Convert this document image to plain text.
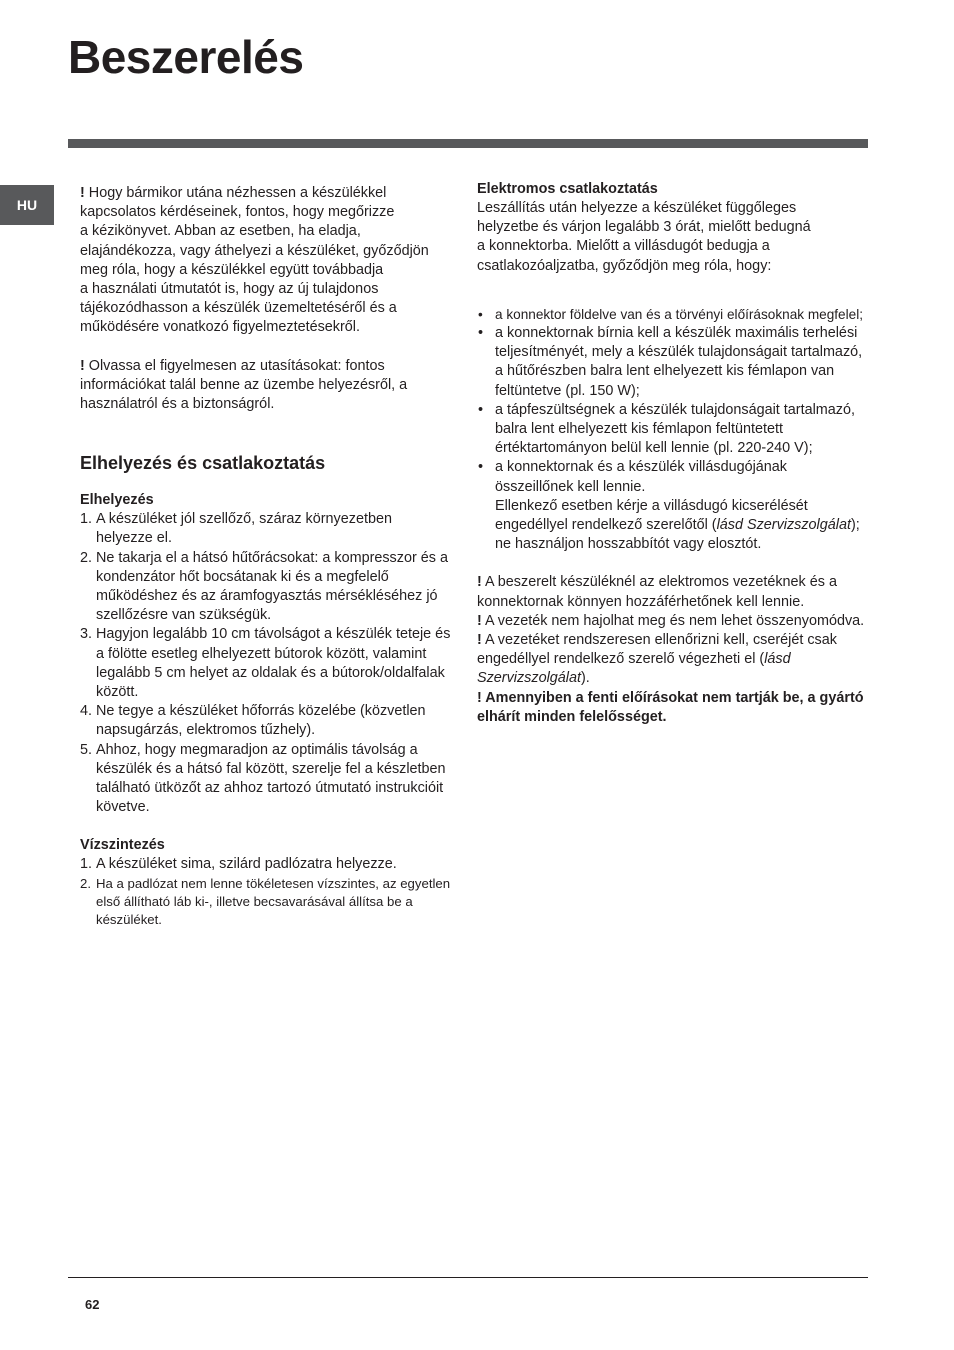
Beszerelés
HU

! Hogy bármikor utána nézhessen a készülékkel

kapcsolatos kérdéseinek, fontos, hogy megőrizze

a kézikönyvet. Abban az esetben, ha eladja,

elajándékozza, vagy áthelyezi a készüléket, győződjön

meg róla, hogy a készülékkel együtt továbbadja

a használati útmutatót is, hogy az új tulajdonos

tájékozódhasson a készülék üzemeltetéséről és a

működésére vonatkozó figyelmeztetésekről.

! Olvassa el figyelmesen az utasításokat: fontos

információkat talál benne az üzembe helyezésről, a

használatról és a biztonságról.

Elhelyezés és csatlakoztatás
Elhelyezés
1. A készüléket jól szellőző, száraz környezetben helyezze el.
2. Ne takarja el a hátsó hűtőrácsokat: a kompresszor és a kondenzátor hőt bocsátanak ki és a megfelelő működéshez és az áramfogyasztás mérsékléséhez jó szellőzésre van szükségük.
3. Hagyjon legalább 10 cm távolságot a készülék teteje és a fölötte esetleg elhelyezett bútorok között, valamint legalább 5 cm helyet az oldalak és a bútorok/oldalfalak között.
4. Ne tegye a készüléket hőforrás közelébe (közvetlen napsugárzás, elektromos tűzhely).
5. Ahhoz, hogy megmaradjon az optimális távolság a készülék és a hátsó fal között, szerelje fel a készletben található ütközőt az ahhoz tartozó útmutató instrukcióit követve.
Vízszintezés
1. A készüléket sima, szilárd padlózatra helyezze.
2. Ha a padlózat nem lenne tökéletesen vízszintes, az egyetlen első állítható láb ki-, illetve becsavarásával állítsa be a készüléket.
Elektromos csatlakoztatás

Leszállítás után helyezze a készüléket függőleges

helyzetbe és várjon legalább 3 órát, mielőtt bedugná

a konnektorba. Mielőtt a villásdugót bedugja a

csatlakozóaljzatba, győződjön meg róla, hogy:

• a konnektor földelve van és a törvényi előírásoknak megfelel;
• a konnektornak bírnia kell a készülék maximális terhelési teljesítményét, mely a készülék tulajdonságait tartalmazó, a hűtőrészben balra lent elhelyezett kis fémlapon van feltüntetve (pl. 150 W);
• a tápfeszültségnek a készülék tulajdonságait tartalmazó, balra lent elhelyezett kis fémlapon feltüntetett értéktartományon belül kell lennie (pl. 220-240 V);
• a konnektornak és a készülék villásdugójának összeillőnek kell lennie.
Ellenkező esetben kérje a villásdugó kicserélését engedéllyel rendelkező szerelőtől (lásd Szervizszolgálat); ne használjon hosszabbítót vagy elosztót.

! A beszerelt készüléknél az elektromos vezetéknek és a konnektornak könnyen hozzáférhetőnek kell lennie.

! A vezeték nem hajolhat meg és nem lehet összenyomódva.

! A vezetéket rendszeresen ellenőrizni kell, cseréjét csak engedéllyel rendelkező szerelő végezheti el (lásd Szervizszolgálat).

! Amennyiben a fenti előírásokat nem tartják be, a gyártó elhárít minden felelősséget.

62
